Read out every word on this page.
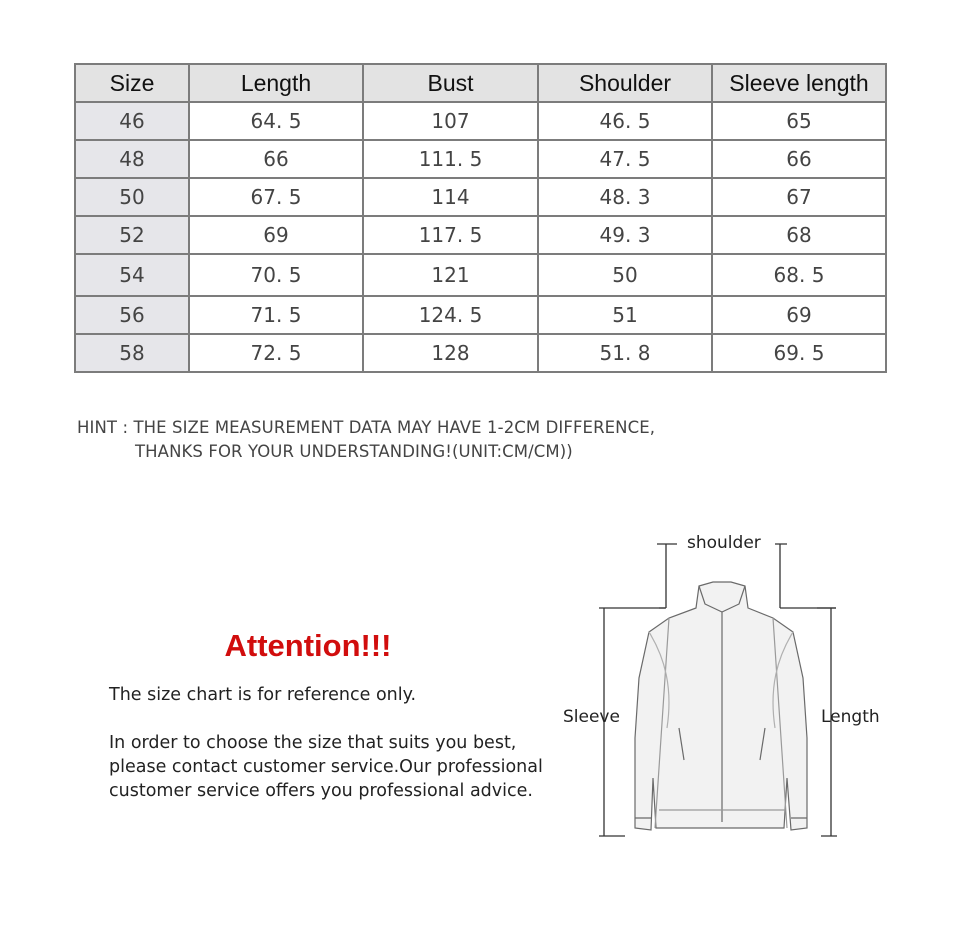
Size	Length	Bust	Shoulder	Sleeve length
46	64. 5	107	46. 5	65
48	66	111. 5	47. 5	66
50	67. 5	114	48. 3	67
52	69	117. 5	49. 3	68
54	70. 5	121	50	68. 5
56	71. 5	124. 5	51	69
58	72. 5	128	51. 8	69. 5
HINT : THE SIZE MEASUREMENT DATA MAY HAVE 1-2CM DIFFERENCE,
THANKS FOR YOUR UNDERSTANDING!(UNIT:CM/CM))
Attention!!!
The size chart is for reference only.
In order to choose the size that suits you best,
please contact customer service.Our professional
customer service offers you professional advice.
shoulder
Sleeve	Length
